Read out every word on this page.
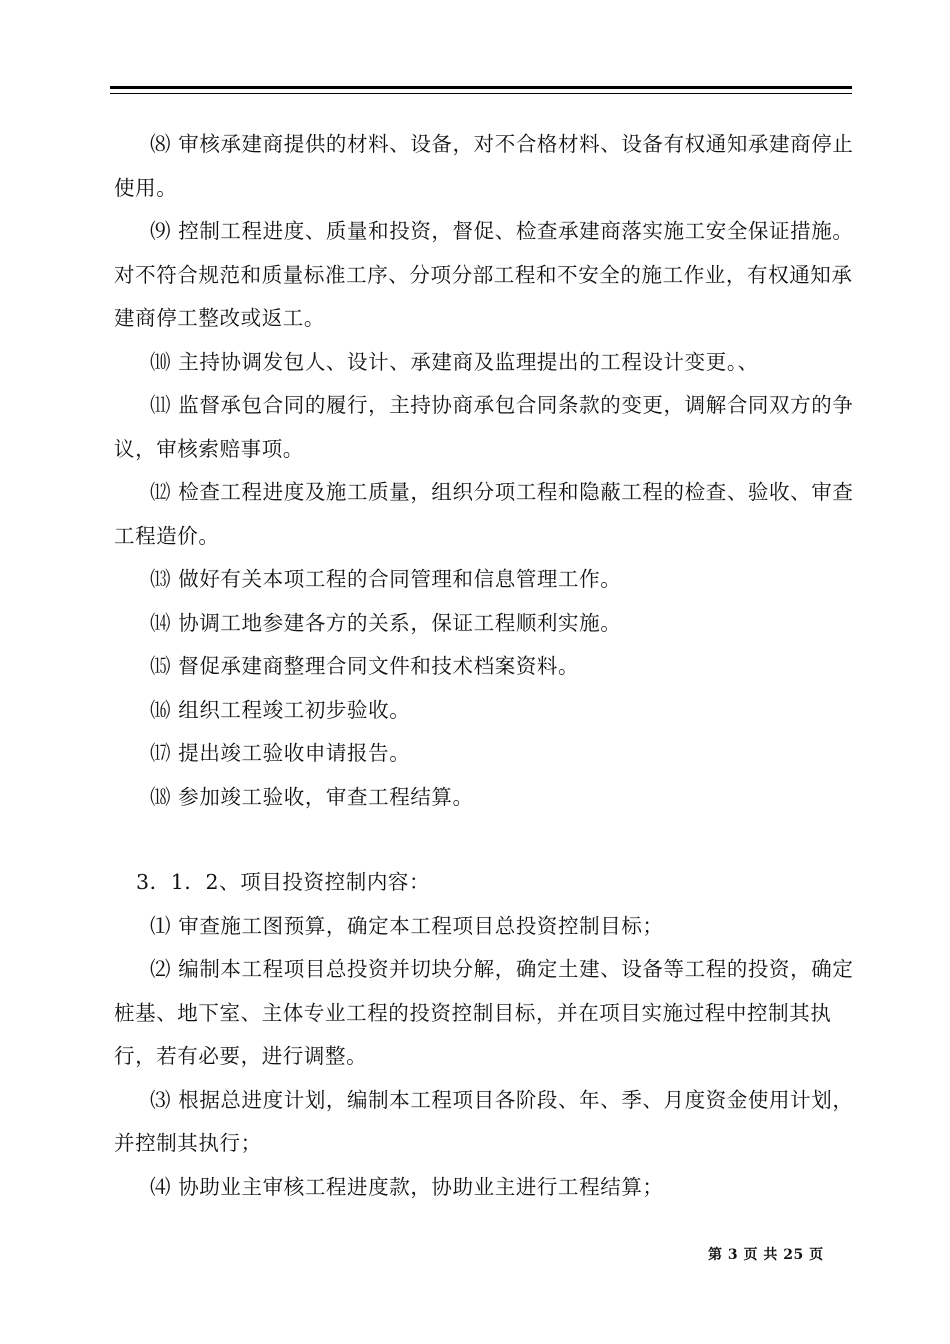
⑻ 审核承建商提供的材料、设备，对不合格材料、设备有权通知承建商停止使用。

⑼ 控制工程进度、质量和投资，督促、检查承建商落实施工安全保证措施。对不符合规范和质量标准工序、分项分部工程和不安全的施工作业，有权通知承建商停工整改或返工。

⑽ 主持协调发包人、设计、承建商及监理提出的工程设计变更。、

⑾ 监督承包合同的履行，主持协商承包合同条款的变更，调解合同双方的争议，审核索赔事项。

⑿ 检查工程进度及施工质量，组织分项工程和隐蔽工程的检查、验收、审查工程造价。

⒀ 做好有关本项工程的合同管理和信息管理工作。

⒁ 协调工地参建各方的关系，保证工程顺利实施。

⒂ 督促承建商整理合同文件和技术档案资料。

⒃ 组织工程竣工初步验收。

⒄ 提出竣工验收申请报告。

⒅ 参加竣工验收，审查工程结算。

3．1．2、项目投资控制内容：

⑴ 审查施工图预算，确定本工程项目总投资控制目标；

⑵ 编制本工程项目总投资并切块分解，确定土建、设备等工程的投资，确定桩基、地下室、主体专业工程的投资控制目标，并在项目实施过程中控制其执行，若有必要，进行调整。

⑶ 根据总进度计划，编制本工程项目各阶段、年、季、月度资金使用计划，并控制其执行；

⑷ 协助业主审核工程进度款，协助业主进行工程结算；

第 3 页 共 25 页
